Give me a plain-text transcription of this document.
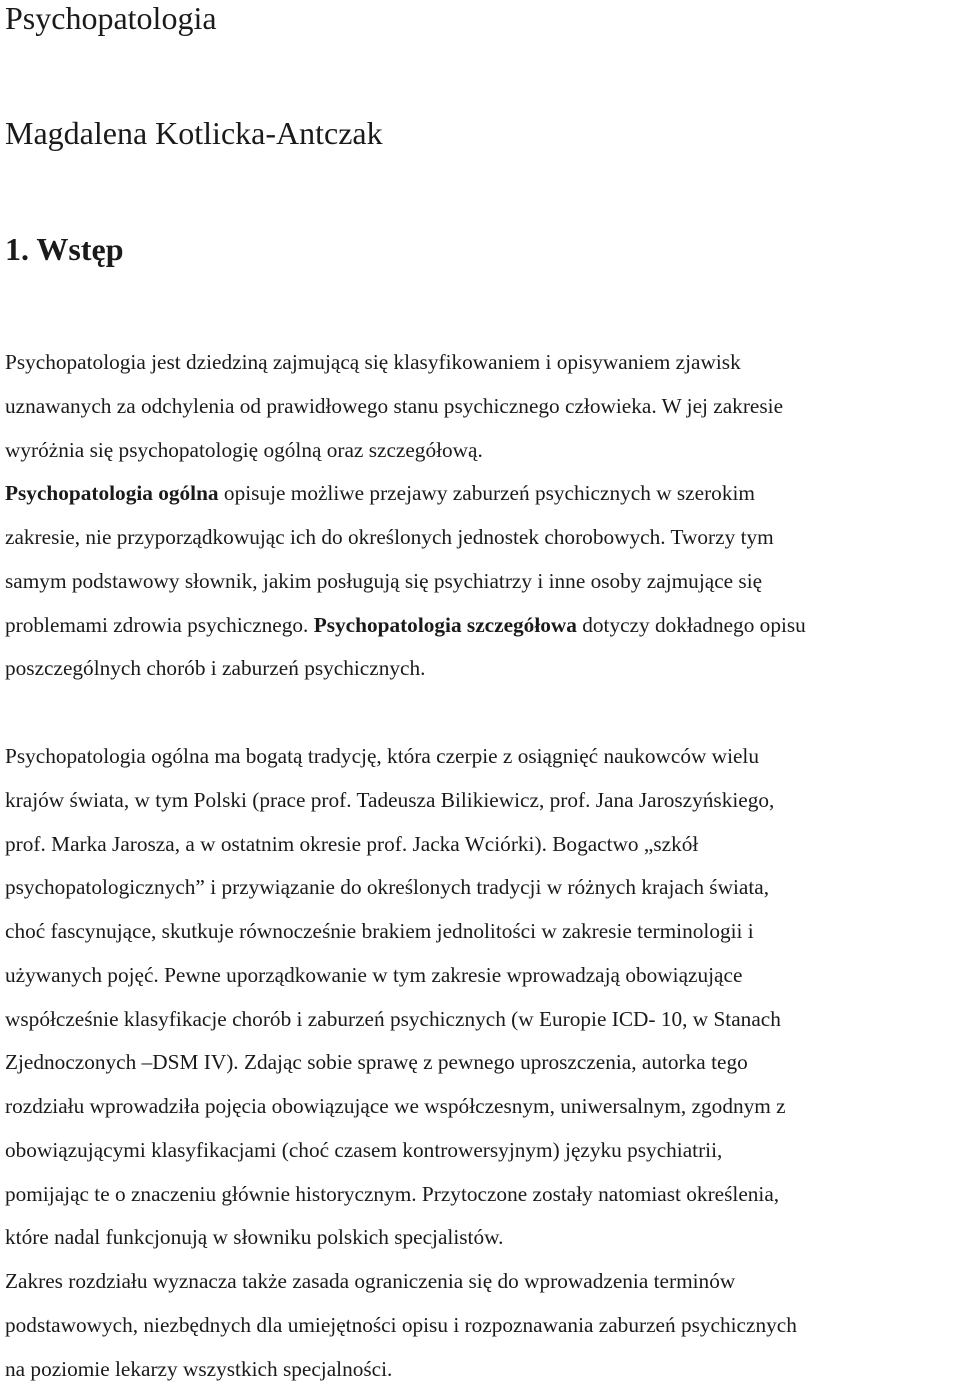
Psychopatologia
Magdalena Kotlicka-Antczak
1. Wstęp

Psychopatologia jest dziedziną zajmującą się klasyfikowaniem i opisywaniem zjawisk
uznawanych za odchylenia od prawidłowego stanu psychicznego człowieka. W jej zakresie
wyróżnia się psychopatologię ogólną oraz szczegółową.
Psychopatologia ogólna opisuje możliwe przejawy zaburzeń psychicznych w szerokim
zakresie, nie przyporządkowując ich do określonych jednostek chorobowych. Tworzy tym
samym podstawowy słownik, jakim posługują się psychiatrzy i inne osoby zajmujące się
problemami zdrowia psychicznego. Psychopatologia szczegółowa dotyczy dokładnego opisu
poszczególnych chorób i zaburzeń psychicznych.

Psychopatologia ogólna ma bogatą tradycję, która czerpie z osiągnięć naukowców wielu
krajów świata, w tym Polski (prace prof. Tadeusza Bilikiewicz, prof. Jana Jaroszyńskiego,
prof. Marka Jarosza, a w ostatnim okresie prof. Jacka Wciórki). Bogactwo „szkół
psychopatologicznych” i przywiązanie do określonych tradycji w różnych krajach świata,
choć fascynujące, skutkuje równocześnie brakiem jednolitości w zakresie terminologii i
używanych pojęć. Pewne uporządkowanie w tym zakresie wprowadzają obowiązujące
współcześnie klasyfikacje chorób i zaburzeń psychicznych (w Europie ICD- 10, w Stanach
Zjednoczonych –DSM IV). Zdając sobie sprawę z pewnego uproszczenia, autorka tego
rozdziału wprowadziła pojęcia obowiązujące we współczesnym, uniwersalnym, zgodnym z
obowiązującymi klasyfikacjami (choć czasem kontrowersyjnym) języku psychiatrii,
pomijając te o znaczeniu głównie historycznym. Przytoczone zostały natomiast określenia,
które nadal funkcjonują w słowniku polskich specjalistów.
Zakres rozdziału wyznacza także zasada ograniczenia się do wprowadzenia terminów
podstawowych, niezbędnych dla umiejętności opisu i rozpoznawania zaburzeń psychicznych
na poziomie lekarzy wszystkich specjalności.
